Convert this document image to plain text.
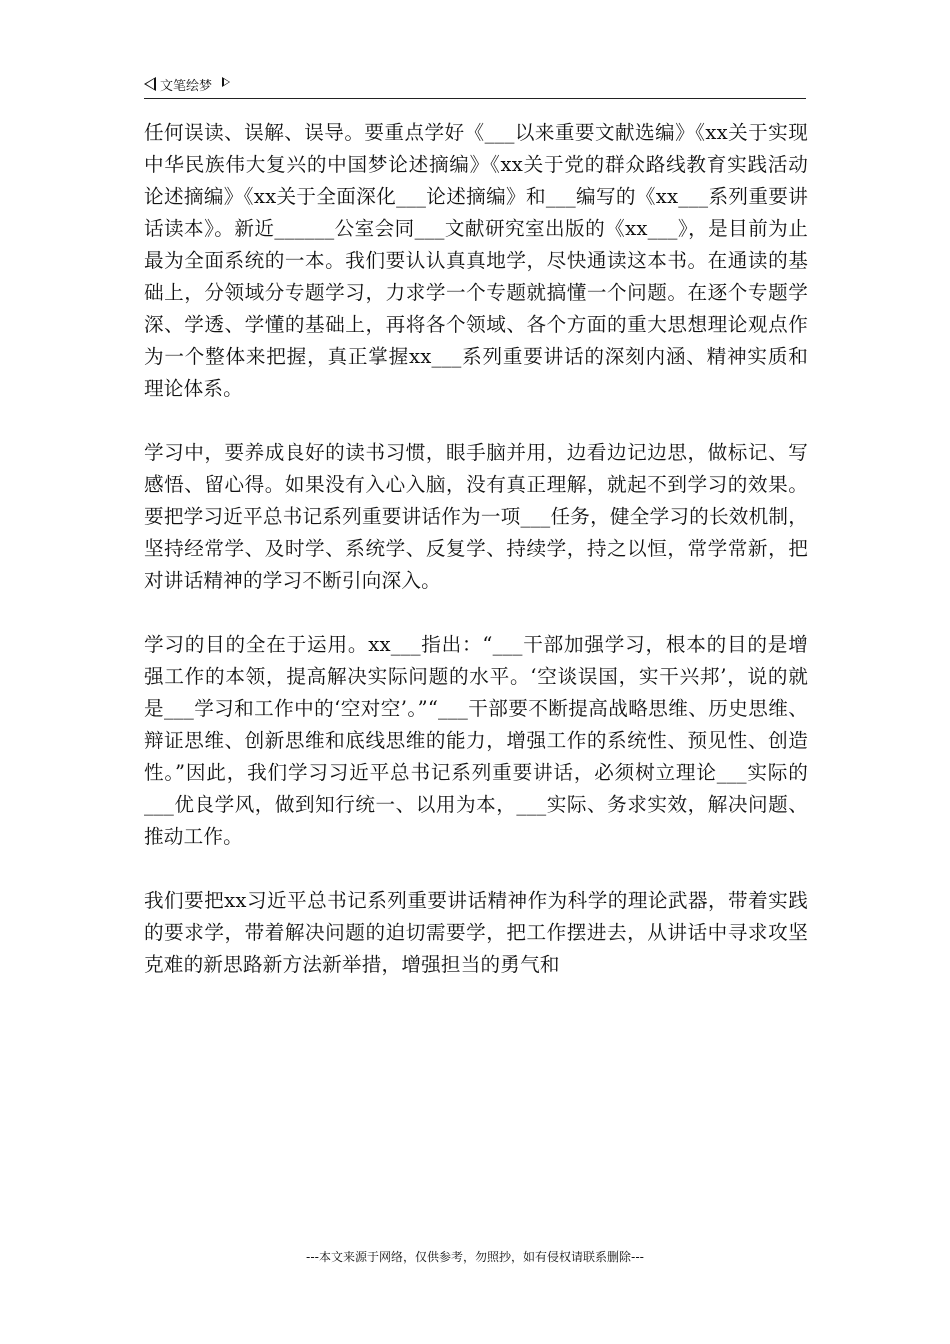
文笔绘梦

任何误读、误解、误导。要重点学好《___以来重要文献选编》《xx关于实现中华民族伟大复兴的中国梦论述摘编》《xx关于党的群众路线教育实践活动论述摘编》《xx关于全面深化___论述摘编》和___编写的《xx___系列重要讲话读本》。新近______公室会同___文献研究室出版的《xx___》，是目前为止最为全面系统的一本。我们要认认真真地学，尽快通读这本书。在通读的基础上，分领域分专题学习，力求学一个专题就搞懂一个问题。在逐个专题学深、学透、学懂的基础上，再将各个领域、各个方面的重大思想理论观点作为一个整体来把握，真正掌握xx___系列重要讲话的深刻内涵、精神实质和理论体系。

学习中，要养成良好的读书习惯，眼手脑并用，边看边记边思，做标记、写感悟、留心得。如果没有入心入脑，没有真正理解，就起不到学习的效果。要把学习近平总书记系列重要讲话作为一项___任务，健全学习的长效机制，坚持经常学、及时学、系统学、反复学、持续学，持之以恒，常学常新，把对讲话精神的学习不断引向深入。

学习的目的全在于运用。xx___指出：“___干部加强学习，根本的目的是增强工作的本领，提高解决实际问题的水平。‘空谈误国，实干兴邦’，说的就是___学习和工作中的‘空对空’。”“___干部要不断提高战略思维、历史思维、辩证思维、创新思维和底线思维的能力，增强工作的系统性、预见性、创造性。”因此，我们学习习近平总书记系列重要讲话，必须树立理论___实际的___优良学风，做到知行统一、以用为本，___实际、务求实效，解决问题、推动工作。

我们要把xx习近平总书记系列重要讲话精神作为科学的理论武器，带着实践的要求学，带着解决问题的迫切需要学，把工作摆进去，从讲话中寻求攻坚克难的新思路新方法新举措，增强担当的勇气和

---本文来源于网络，仅供参考，勿照抄，如有侵权请联系删除---
